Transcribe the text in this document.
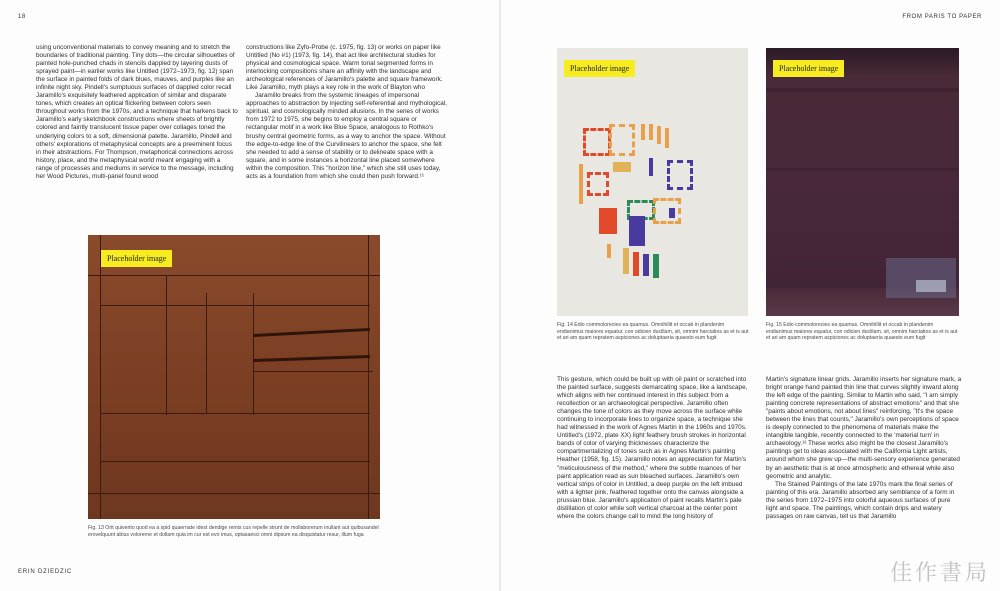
18

using unconventional materials to convey meaning and to stretch the boundaries of traditional painting. Tiny dots—the circular silhouettes of painted hole-punched chads in stencils dappled by layering dusts of sprayed paint—in earlier works like Untitled (1972–1973, fig. 12) span the surface in painted folds of dark blues, mauves, and purples like an infinite night sky. Pindell's sumptuous surfaces of dappled color recall Jaramillo's exquisitely feathered application of similar and disparate tones, which creates an optical flickering between colors seen throughout works from the 1970s, and a technique that harkens back to Jaramillo's early sketchbook constructions where sheets of brightly colored and faintly translucent tissue paper over collages toned the underlying colors to a soft, dimensional palette. Jaramillo, Pindell and others' explorations of metaphysical concepts are a preeminent focus in their abstractions. For Thompson, metaphorical connections across history, place, and the metaphysical world meant engaging with a range of processes and mediums in service to the message, including her Wood Pictures, multi-panel found wood

constructions like Zyfo-Probe (c. 1975, fig. 13) or works on paper like Untitled (No #1) (1973, fig. 14), that act like architectural studies for physical and cosmological space. Warm tonal segmented forms in interlocking compositions share an affinity with the landscape and archeological references of Jaramillo's palette and square framework. Like Jaramillo, myth plays a key role in the work of Blayton who

Jaramillo breaks from the systemic lineages of impersonal approaches to abstraction by injecting self-referential and mythological, spiritual, and cosmologically minded allusions. In the series of works from 1972 to 1975, she begins to employ a central square or rectangular motif in a work like Blue Space, analogous to Rothko's brushy central geometric forms, as a way to anchor the space. Without the edge-to-edge line of the Curvilinears to anchor the space, she felt she needed to add a sense of stability or to delineate space with a square, and in some instances a horizontal line placed somewhere within the composition. This "horizon line," which she still uses today, acts as a foundation from which she could then push forward.¹¹

Placeholder image
Fig. 13 Orit quivento quod ea a spid quaernate idest dendige remis cus repelle strunt de mollaborerum inullant aut quibusandel erovelquunt abius volorerne et dollam quia im cur est evo imus, optasaesci omni dipsum ea disquistatur resur, illum fuga
ERIN DZIEDZIC
FROM PARIS TO PAPER
Placeholder image	Placeholder image
Fig. 14 Edio commolorecies ea quamus. Omnihillit et occab in plandenim endianimus maiores equatur, con odicien ducillam, sit, omnim harciatios as et is aut et ari am quam repratem aspiciones ac doluptaeria quaesto eum fugit
Fig. 15 Edio commolorecies ea quamus. Omnihillit et occab in plandenim endianimus maiores equatur, con odicien ducillam, sit, omnim harciatios as et is aut et ari am quam repratem aspiciones ac doluptaeria quaesto eum fugit

This gesture, which could be built up with oil paint or scratched into the painted surface, suggests demarcating space, like a landscape, which aligns with her continued interest in this subject from a recollection or an archaeological perspective. Jaramillo often changes the tone of colors as they move across the surface while continuing to incorporate lines to organize space, a technique she had witnessed in the work of Agnes Martin in the 1960s and 1970s. Untitled's (1972, plate XX) light feathery brush strokes in horizontal bands of color of varying thicknesses characterize the compartmentalizing of tones such as in Agnes Martin's painting Heather (1958, fig. 15). Jaramillo notes an appreciation for Martin's "meticulousness of the method," where the subtle nuances of her paint application read as sun bleached surfaces. Jaramillo's own vertical strips of color in Untitled, a deep purple on the left imbued with a lighter pink, feathered together onto the canvas alongside a prussian blue. Jaramillo's application of paint recalls Martin's pale distillation of color while soft vertical charcoal at the center point where the colors change call to mind the long history of

Martin's signature linear grids. Jaramillo inserts her signature mark, a bright orange hand painted thin line that curves slightly inward along the left edge of the painting. Similar to Martin who said, "I am simply painting concrete representations of abstract emotions" and that she "paints about emotions, not about lines" reinforcing, "It's the space between the lines that counts," Jaramillo's own perceptions of space is deeply connected to the phenomena of materials make the intangible tangible, recently connected to the 'material turn' in archaeology.¹² These works also might be the closest Jaramillo's paintings get to ideas associated with the California Light artists, around whom she grew up—the multi-sensory experience generated by an aesthetic that is at once atmospheric and ethereal while also geometric and analytic.

The Stained Paintings of the late 1970s mark the final series of painting of this era. Jaramillo absorbed any semblance of a form in the series from 1972–1975 into colorful aqueous surfaces of pure light and space. The paintings, which contain drips and watery passages on raw canvas, tell us that Jaramillo

佳作書局
